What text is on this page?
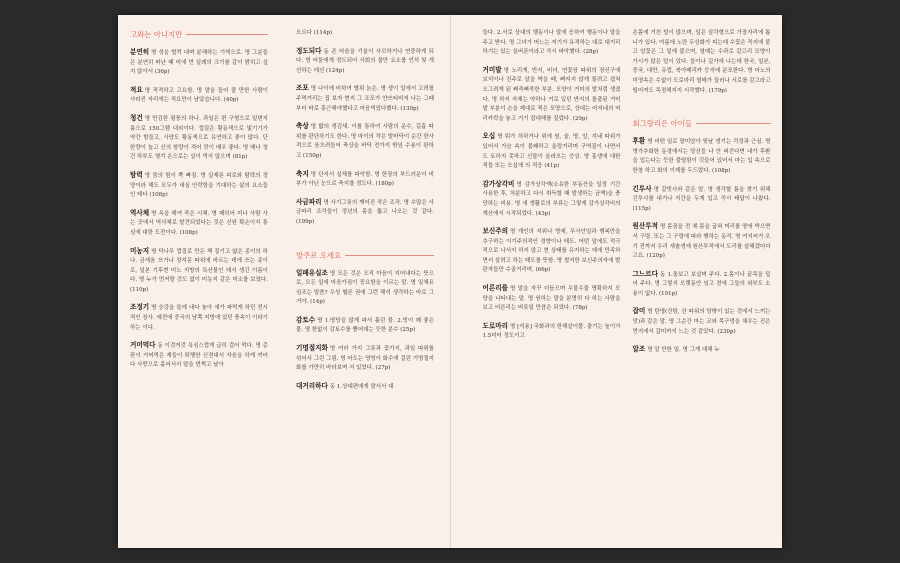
고와는 아니지만
분연히 명 성을 벌컥 내며 분해하는 기색으로. 명 그분들은 분연히 떠난 때 미에 먼 실례의 크기를 갈이 밝히고 싶지 않아서 (36p)
적요 명 적적하고 고요함. 명 말을 들어 줄 만한 사람이 사라진 자리에는 적요만이 남았습니다. (40p)
청건 명 만김한 평풍의 하나. 과일은 편 구형으로 밑변지름으로 150그램 내외이다. 껍질은 황동색으로 빛기기가 약간 힘들고, 사양도 황동색으로 유연하고 좋이 많다. 단 한량이 높고 신의 함량이 적어 맛이 매우 좋다. 명 매나 청건 하루도 챙겨 온으로는 실이 먹지 않으며 (81p)
탐력 명 뭄의 힘이 쭉 빠짐. 명 실제론 피로와 탐력의 정양이라 해도 모두가 내심 안락함을 기대하는 삶의 요소들인 테다 (108p)
역사체 명 옥을 해여 죽은 시체. 명 패히어 미나 사람 사는 곳에서 역사체로 발견되었다는 것은 신원 확손이지 통심에 대한 도전이다. (108p)
미농지 명 닥나무 껍질로 만든 책 질기고 얇은 종이의 하나. 금세움 쓰거나 장지문 따위에 바르는 데에 쓰는 종이로, 일본 기후현 미노 지방의 특산물인 데서 생긴 이름이다. 명 누가 먼저랄 것도 없이 미농지 같은 미소를 보였다. (110p)
조정기 명 승강을 들에 내다 놓아 새가 파먹게 하던 전시적인 장사. 예전에 중국의 남쪽 지방에 있던 풍속이 이라기 하는 이다.
거머먹다 동 이것저것 욕심스럽게 급히 걸어 먹다. 명 총판이 거머먹은 재들이 퇴행한 신전대서 자음을 하게 끼어다 사랑으로 홀어서서 말을 번쩍고 날아
오르다 (114p)
정도되다 동 존 마음을 기울이 사모하거나 연중하게 되다. 명 어둠에게 정도되어 사회의 불만 요소를 언석 및 개선하는 데선 (124p)
조포 명 나이에 비하여 별위 늙은. 명 생이 일에서 고려를 주먹거리는 집 보자 현지 그 조포가 얀쓰티비저 나는 그때 부터 바로 흥근해야했다고 마음먹었다했다. (130p)
축상 명 밟의 생김새. 이를 통하여 사람의 운수, 길흉 따위를 판단하기도 한다. 명 마이의 작은 발바닥이 순간 한사적으로 움츠려들어 축상을 바닥 전가지 밖임 수용이 판하고 (150p)
축지 명 단지서 실체를 파악함. 명 한장의 부드러운이 비부가 아닌 눈으로 축지를 정도다. (180p)
사금파리 명 사기그릇의 깨어진 작은 조각. 명 수많은 사금파리 조각들이 정년의 몸을 뚫고 나오는 것 같다. (199p)
방주로 오세요
일패유실조 명 모든 것은 오직 마음이 지어내다는 뜻으로, 모든 일에 마음가짐이 중요함을 이르는 말. 명 일체유심조는 말씀? 우성 혈른 권에 그런 해석 생각하는 바로 그거야. (14p)
감토수 명 1.땅당을 많게 파서 흘린 물. 2.빗이 꽤 좋은 물. 명 한없이 감토수를 뿜어대는 듯한 분수 (25p)
기명절지화 명 여러 가지 그릇과 꽃가지, 과일 따위를 섞어서 그린 그림. 명 마도는 영영이 화수에 걸린 기명절지화를 가만히 바라보며 서 있었다. (27p)
대거리하다 동 1.상대편에게 맞서서 대
들다. 2.서로 상대의 행동이나 말에 응하여 행동이나 말을 주고 받다. 명 그녀가 머느는 저기가 유적하는 대로 대거리하기는 있는 실버론이라고 즉시 파악했다. (28p)
거미발 명 노리게, 반지, 비녀, 연꽃장 따위의 장신구에 보석이나 진주로 알을 박을 때, 빠지지 않게 물려고 겹쳐 오그려게 된 삐죽삐죽한 부분. 모양이 거미의 발처럼 생겼다. 명 하지 자체는 약하나 거로 있던 반지의 돌출된 거미발 부분이 손을 제대로 찍은 모양으로, 상대는 어지네의 머리카락을 놓고 거기 잡대해를 질렀다. (29p)
오십 명 뭐가 허하거나 위에 원, 술, 명, 암, 지네 따위가 있어서 가슴 속이 불쾌하고 울렁거리며 구역질이 나면서 도 토하지 못하고 신물이 올라오는 증상. 명 홍생에 대한 적들 또는 오십에 의 적응 (41p)
감가상각비 명 감가상각액(소유한 부동산을 일정 기간 사용한 후, 처분하고 다시 취득할 때 발생하는 금액)을 충당하는 비용. 명 새 생활로의 부류는 그렇게 감가상각비의 계산에서 시작되었다. (43p)
보신주의 명 개인의 지위나 명예, 무사안일과 행복만을 추구하는 이기주의적인 경향이나 태도. 어떤 일에도 적극적으로 나서지 하지 않고 현 상태를 유지하는 데에 만족하면서 살려고 하는 태도를 뜻함. 명 철저한 보신주의자에 발판자들만 수골거리며. (66p)
어른리를 명 말을 자꾸 더듬으며 우물우물 명확하지 모양을 나타내는 말. 명 원하는 말을 분명히 다 하는 사람을 보고 어른리는 버릇일 만큼은 되었다. (78p)
도로마리 명 [석용] 국화과의 한해살이풀. 출기는 높이가 1.5미터 정도이고
온몸에 거친 털이 많으며, 잎은 삼각형으로 가장자리에 톱니가 있다. 여름에 노란 두상화가 피는데 수꽃은 꼭지에 붙고 암꽃은 그 밑에 붙으며, 열매는 수과로 갈고리 모양이 가시가 많은 털이 있다. 들이나 길가에 나는데 한국, 일본, 중국, 대만, 유럽, 북아메리카 등지에 분포한다. 명 마노의 미영속은 수없이 도로마리 열매가 들러나 서로를 감고라고 떨어져도 목점해지지 시작했다. (179p)
회그랑리은 아이들
후환 명 어떤 일로 말미암아 뒷날 생기는 걱정과 근심. 명 명가추화한 동경에서는 당신들 나 안 퍼진다면 내가 후환을 입는다는 듯한 불떨함이 깃들어 있어서 마는 입 속으로 한창 하고 화의 이제를 두드렸다. (108p)
긴투사 명 갈빗사와 같은 말. 명 생각할 틈을 찾기 위해 긴투사를 내거나 지간을 두게 입고 즉시 태답이 나왔다. (115p)
원산투적 명 몸꿈을 전 체 몸을 굽혀 머리를 땅에 박으면서 구령. 또는 그 구령에 따라 행하는 동작. 명 여지씨가 오기 전까지 우리 새솔생에 원산투적에서 도리를 살해겠어다고요. (120p)
그느르다 동 1.돌보고 보살펴 주다. 2.몸이나 끝목을 덮어 주다. 명 그렇지 오랫동안 임고 전에 그들의 외부도 소용이 없다. (191p)
잡미 명 탄명(잔탕, 잔 따위의 당밖이 있는 것에서 느끼는 맛)과 같은 말. 명 그순간 마는 코와 목구멍을 채우는 진은 먼지에서 갑미까지 느는 것 같았다. (230p)
알조 명 알 만한 일. 명 그게 대해 누
